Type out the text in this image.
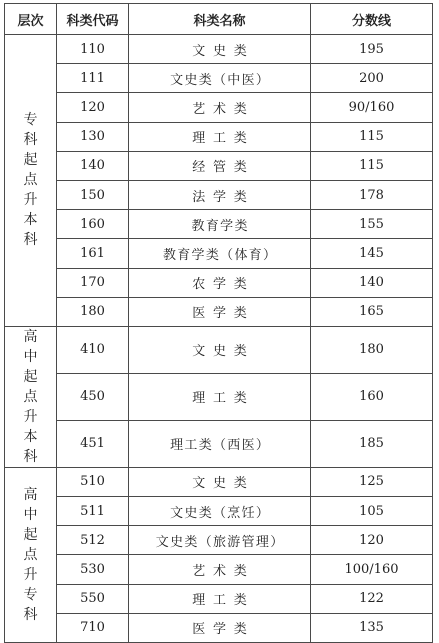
层次	科类代码	科类名称	分数线
专科起点升本科	110	文史类	195
	111	文史类（中医）	200
	120	艺术类	90/160
	130	理工类	115
	140	经管类	115
	150	法学类	178
	160	教育学类	155
	161	教育学类（体育）	145
	170	农学类	140
	180	医学类	165
高中起点升本科	410	文史类	180
	450	理工类	160
	451	理工类（西医）	185
高中起点升专科	510	文史类	125
	511	文史类（烹饪）	105
	512	文史类（旅游管理）	120
	530	艺术类	100/160
	550	理工类	122
	710	医学类	135
